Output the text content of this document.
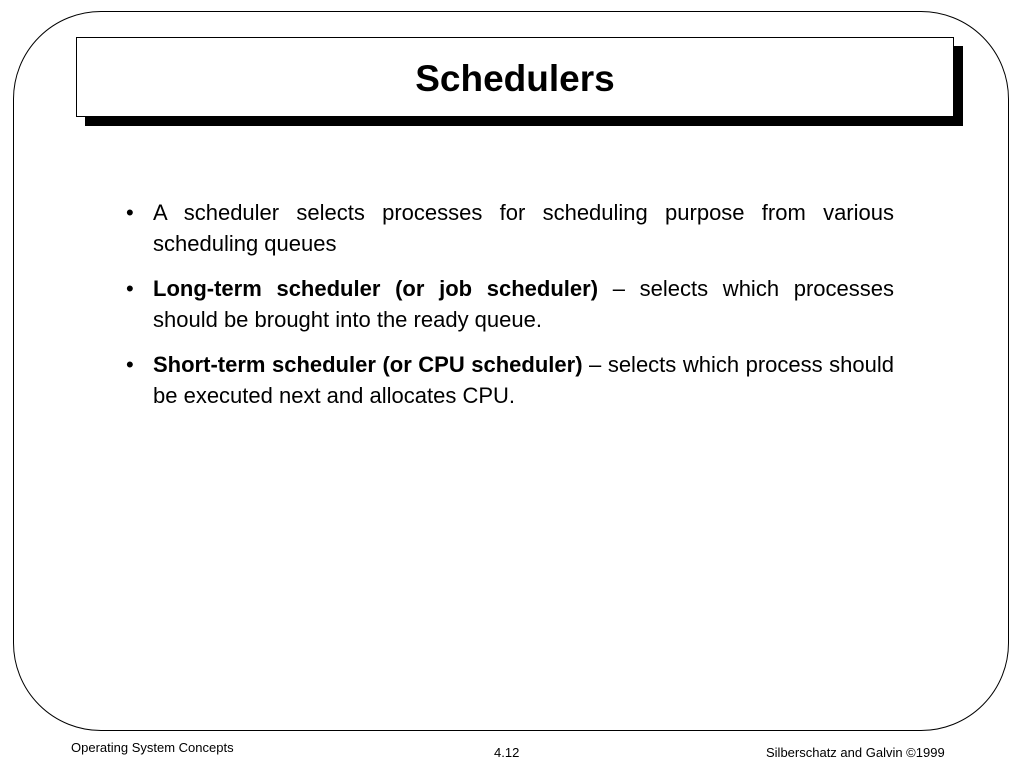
Schedulers
• A scheduler selects processes for scheduling purpose from various scheduling queues
• Long-term scheduler (or job scheduler) – selects which processes should be brought into the ready queue.
• Short-term scheduler (or CPU scheduler) – selects which process should be executed next and allocates CPU.
Operating System Concepts	4.12	Silberschatz and Galvin ©1999
